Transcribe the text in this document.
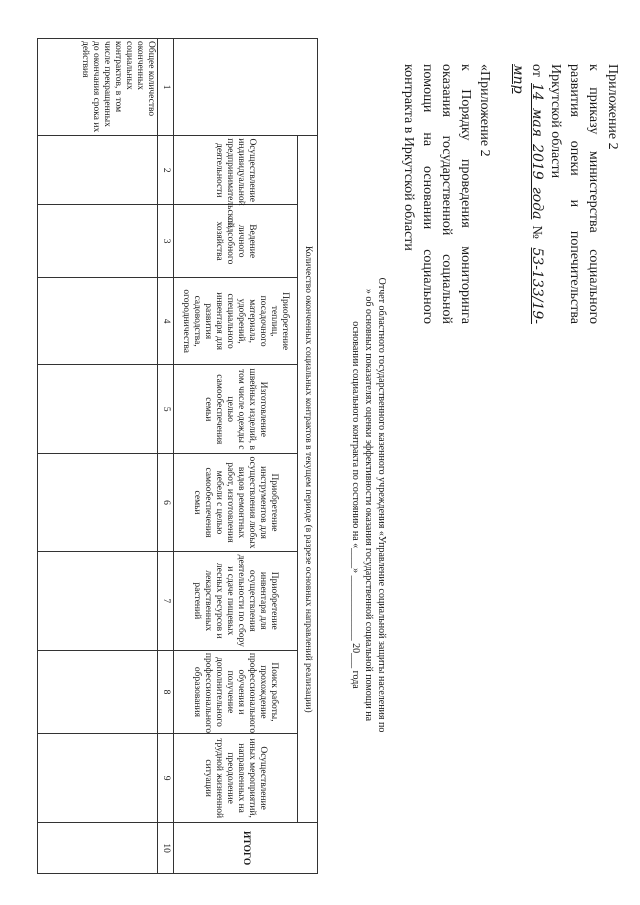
Приложение 2
к приказу министерства социального развития опеки и попечительства Иркутской области
от 14 мая 2019 года № 53-133/19-мпр
«Приложение 2
к Порядку проведения мониторинга оказания государственной социальной помощи на основании социального контракта в Иркутской области
Отчет областного государственного казенного учреждения «Управление социальной защиты населения по
» об основных показателях оценки эффективности оказания государственной социальной помощи на
основании социального контракта по состоянию на «____» _____________ 20___ года
	Количество оконченных социальных контрактов в текущем периоде (в разрезе основных направлений реализации)								ИТОГО
	Осуществление индивидуальной предпринимательской деятельности	Ведение личного подсобного хозяйства	Приобретение теплиц, посадочного материала, удобрений, специального инвентаря для развития садоводства, огородничества	Изготовление швейных изделий, в том числе одежды с целью самообеспечения семьи	Приобретение инструментов для осуществления любых видов ремонтных работ, изготовления мебели с целью самообеспечения семьи	Приобретение инвентаря для осуществления деятельности по сбору и сдаче пищевых лесных ресурсов и лекарственных растений	Поиск работы, прохождение профессионального обучения и получение дополнительного профессионального образования	Осуществление иных мероприятий, направленных на преодоление трудной жизненной ситуации	
1	2	3	4	5	6	7	8	9	10
Общее количество оконченных социальных контрактов, в том числе прекращенных до окончания срока их действия									
